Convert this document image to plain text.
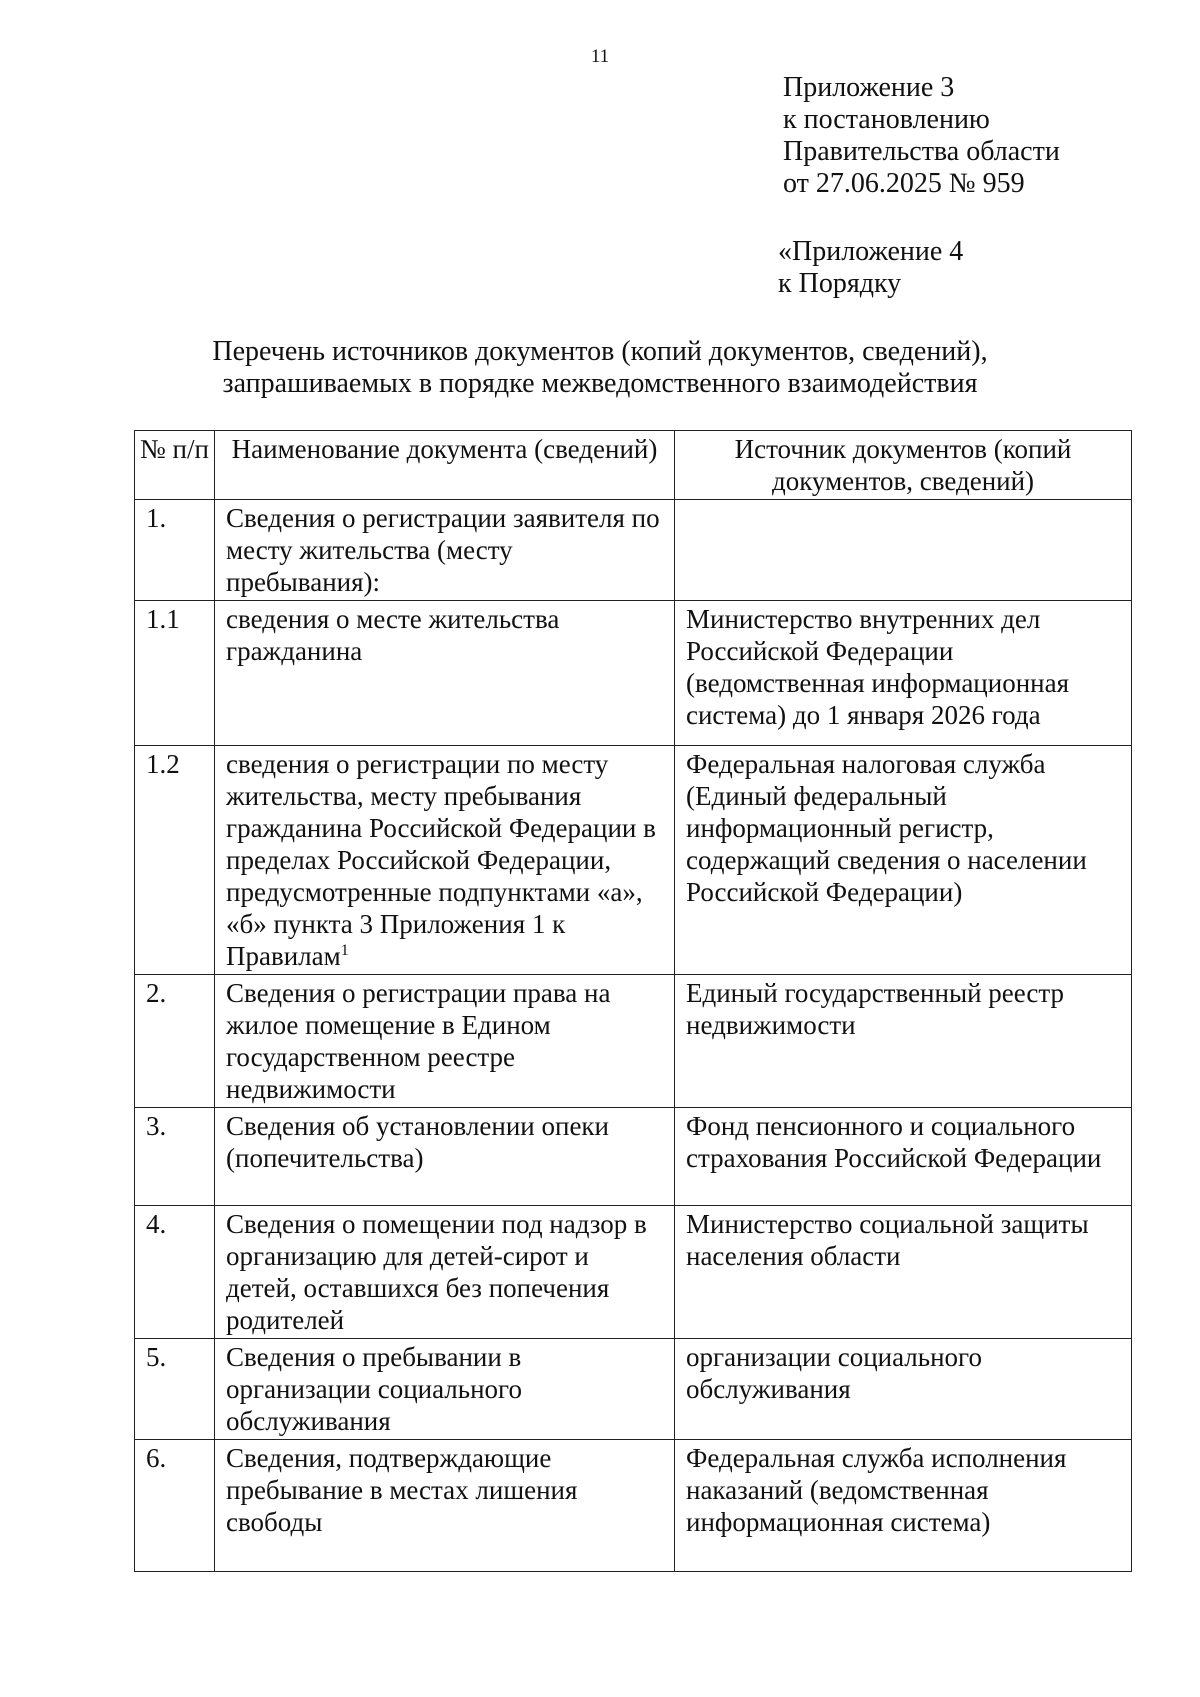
11
Приложение 3
к постановлению
Правительства области
от 27.06.2025 № 959
«Приложение 4
к Порядку
Перечень источников документов (копий документов, сведений),
запрашиваемых в порядке межведомственного взаимодействия
№ п/п	Наименование документа (сведений)	Источник документов (копий документов, сведений)
1.	Сведения о регистрации заявителя по месту жительства (месту пребывания):	
1.1	сведения о месте жительства гражданина	Министерство внутренних дел Российской Федерации (ведомственная информационная система) до 1 января 2026 года
1.2	сведения о регистрации по месту жительства, месту пребывания гражданина Российской Федерации в пределах Российской Федерации, предусмотренные подпунктами «а», «б» пункта 3 Приложения 1 к Правилам$^1$	Федеральная налоговая служба (Единый федеральный информационный регистр, содержащий сведения о населении Российской Федерации)
2.	Сведения о регистрации права на жилое помещение в Едином государственном реестре недвижимости	Единый государственный реестр недвижимости
3.	Сведения об установлении опеки (попечительства)	Фонд пенсионного и социального страхования Российской Федерации
4.	Сведения о помещении под надзор в организацию для детей-сирот и детей, оставшихся без попечения родителей	Министерство социальной защиты населения области
5.	Сведения о пребывании в организации социального обслуживания	организации социального обслуживания
6.	Сведения, подтверждающие пребывание в местах лишения свободы	Федеральная служба исполнения наказаний (ведомственная информационная система)
